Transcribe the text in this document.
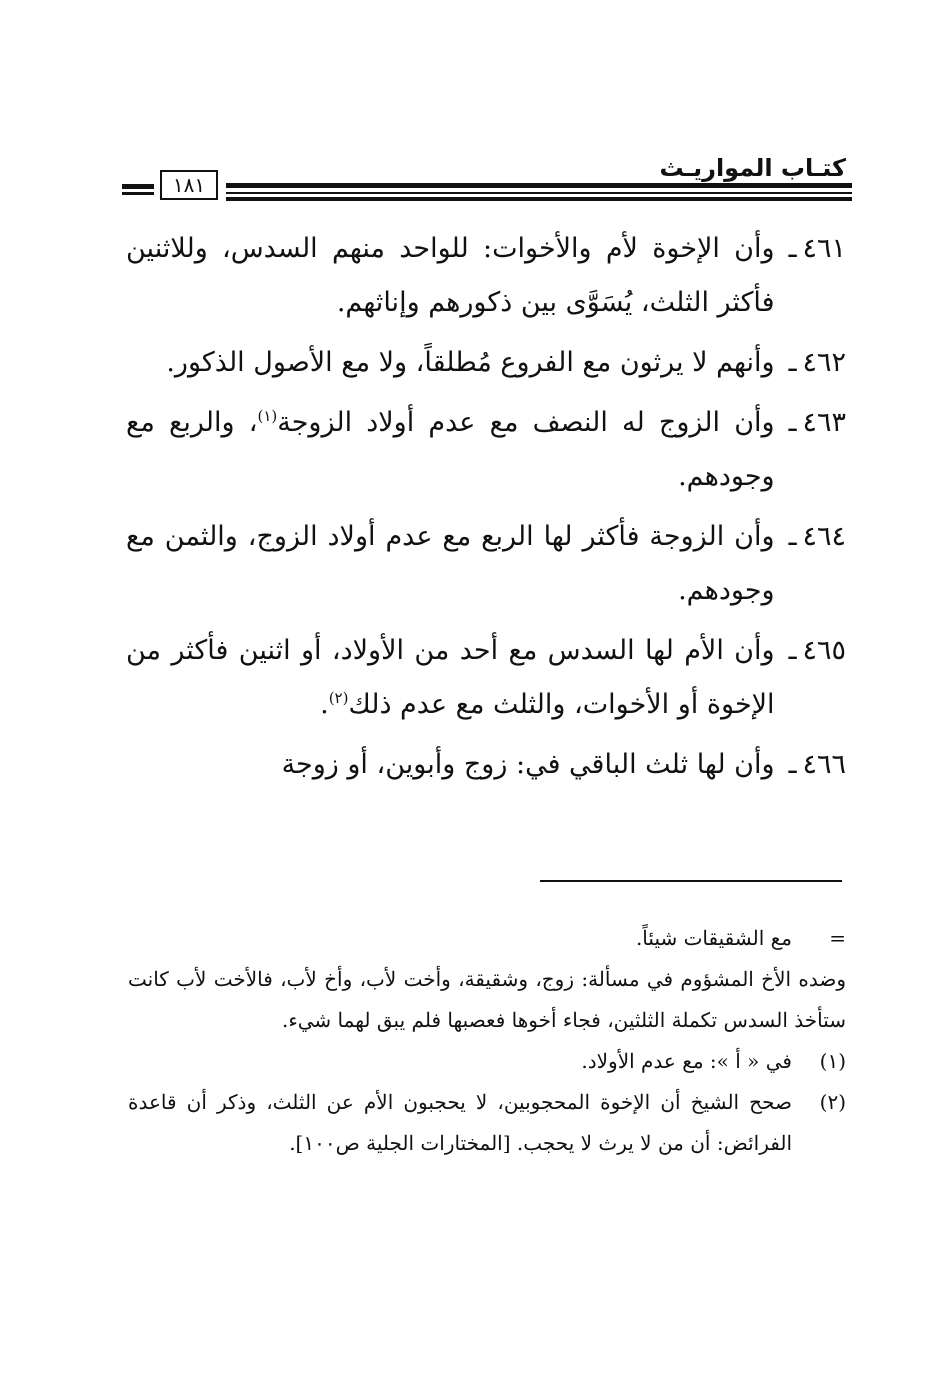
كتـاب المواريـث
١٨١
٤٦١ـ
وأن الإخوة لأم والأخوات: للواحد منهم السدس، وللاثنين فأكثر الثلث، يُسَوَّى بين ذكورهم وإناثهم.
٤٦٢ـ
وأنهم لا يرثون مع الفروع مُطلقاً، ولا مع الأصول الذكور.
٤٦٣ـ
وأن الزوج له النصف مع عدم أولاد الزوجة$^{(١)}$، والربع مع وجودهم.
٤٦٤ـ
وأن الزوجة فأكثر لها الربع مع عدم أولاد الزوج، والثمن مع وجودهم.
٤٦٥ـ
وأن الأم لها السدس مع أحد من الأولاد، أو اثنين فأكثر من الإخوة أو الأخوات، والثلث مع عدم ذلك$^{(٢)}$.
٤٦٦ـ
وأن لها ثلث الباقي في: زوج وأبوين، أو زوجة
=
مع الشقيقات شيئاً.
وضده الأخ المشؤوم في مسألة: زوج، وشقيقة، وأخت لأب، وأخ لأب، فالأخت لأب كانت ستأخذ السدس تكملة الثلثين، فجاء أخوها فعصبها فلم يبق لهما شيء.
(١)
في « أ »: مع عدم الأولاد.
(٢)
صحح الشيخ أن الإخوة المحجوبين، لا يحجبون الأم عن الثلث، وذكر أن قاعدة الفرائض: أن من لا يرث لا يحجب. [المختارات الجلية ص١٠٠].
